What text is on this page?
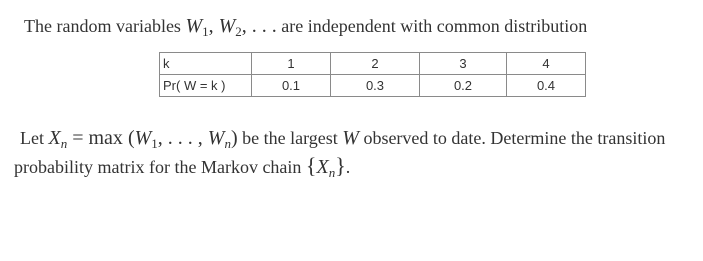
The random variables $W_1$, $W_2$, . . . are independent with common distribution
k	1	2	3	4
Pr( W = k )	0.1	0.3	0.2	0.4
Let $X_n = \max (W_1$, . . . , $W_n$) be the largest W observed to date. Determine the transition
probability matrix for the Markov chain $\{X_n\}$.
